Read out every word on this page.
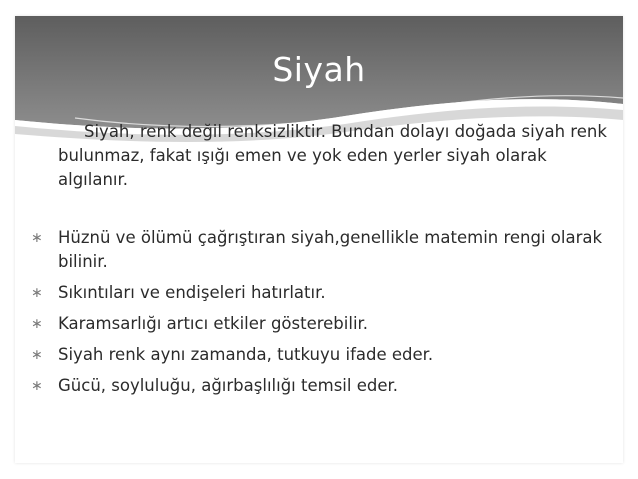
Siyah

Siyah, renk değil renksizliktir. Bundan dolayı doğada siyah renk bulunmaz, fakat ışığı emen ve yok eden yerler siyah olarak algılanır.

∗ Hüznü ve ölümü çağrıştıran siyah,genellikle matemin rengi olarak bilinir.
∗ Sıkıntıları ve endişeleri hatırlatır.
∗ Karamsarlığı artıcı etkiler gösterebilir.
∗ Siyah renk aynı zamanda, tutkuyu ifade eder.
∗ Gücü, soyluluğu, ağırbaşlılığı temsil eder.
